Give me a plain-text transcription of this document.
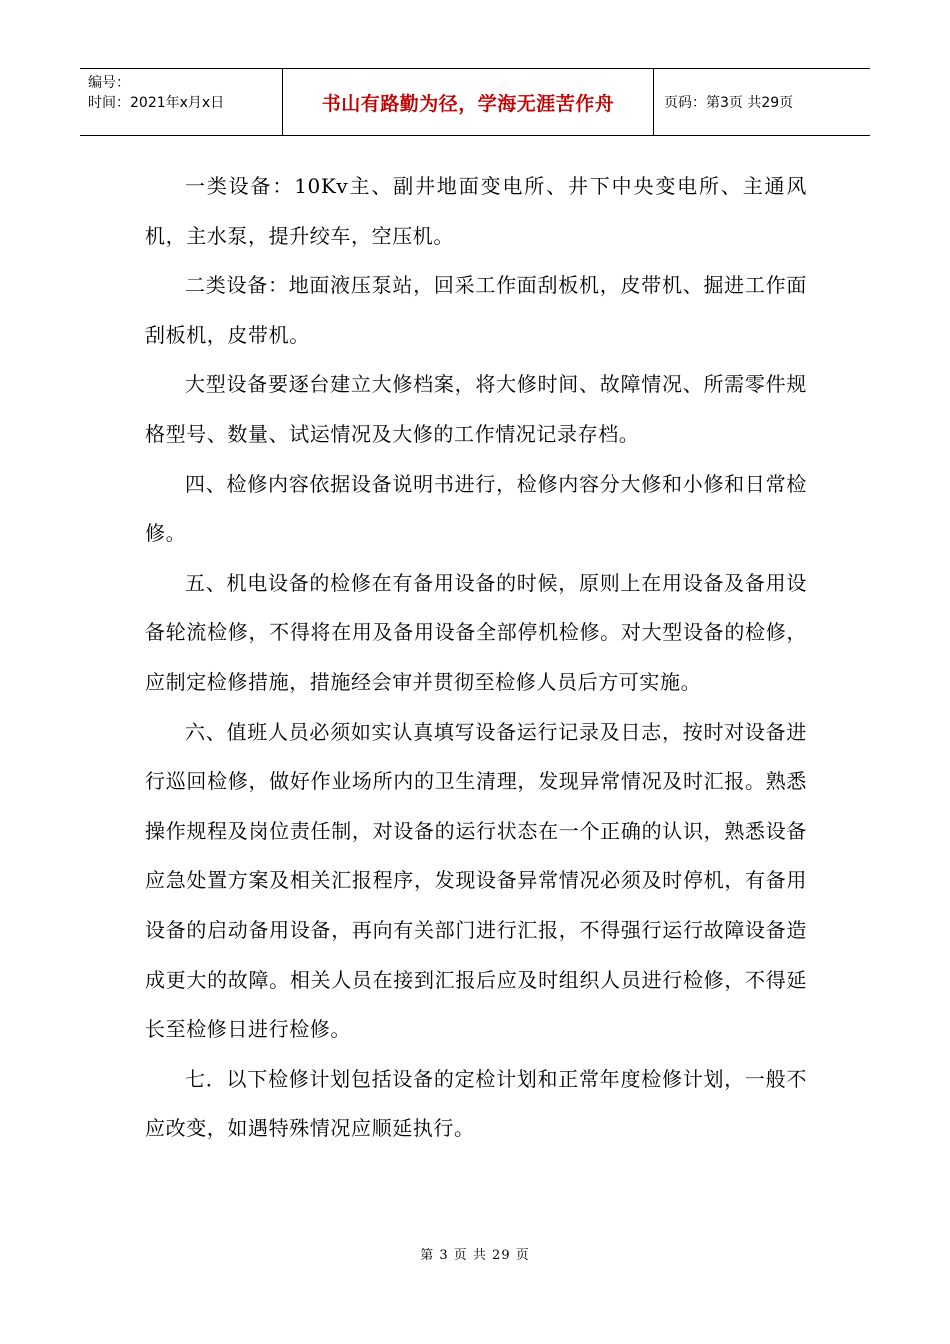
编号：
时间：2021年x月x日	书山有路勤为径，学海无涯苦作舟	页码：第3页 共29页

一类设备：10Kv主、副井地面变电所、井下中央变电所、主通风机，主水泵，提升绞车，空压机。

二类设备：地面液压泵站，回采工作面刮板机，皮带机、掘进工作面刮板机，皮带机。

大型设备要逐台建立大修档案，将大修时间、故障情况、所需零件规格型号、数量、试运情况及大修的工作情况记录存档。

四、检修内容依据设备说明书进行，检修内容分大修和小修和日常检修。

五、机电设备的检修在有备用设备的时候，原则上在用设备及备用设备轮流检修，不得将在用及备用设备全部停机检修。对大型设备的检修，应制定检修措施，措施经会审并贯彻至检修人员后方可实施。

六、值班人员必须如实认真填写设备运行记录及日志，按时对设备进行巡回检修，做好作业场所内的卫生清理，发现异常情况及时汇报。熟悉操作规程及岗位责任制，对设备的运行状态在一个正确的认识，熟悉设备应急处置方案及相关汇报程序，发现设备异常情况必须及时停机，有备用设备的启动备用设备，再向有关部门进行汇报，不得强行运行故障设备造成更大的故障。相关人员在接到汇报后应及时组织人员进行检修，不得延长至检修日进行检修。

七．以下检修计划包括设备的定检计划和正常年度检修计划，一般不应改变，如遇特殊情况应顺延执行。

第 3 页 共 29 页
